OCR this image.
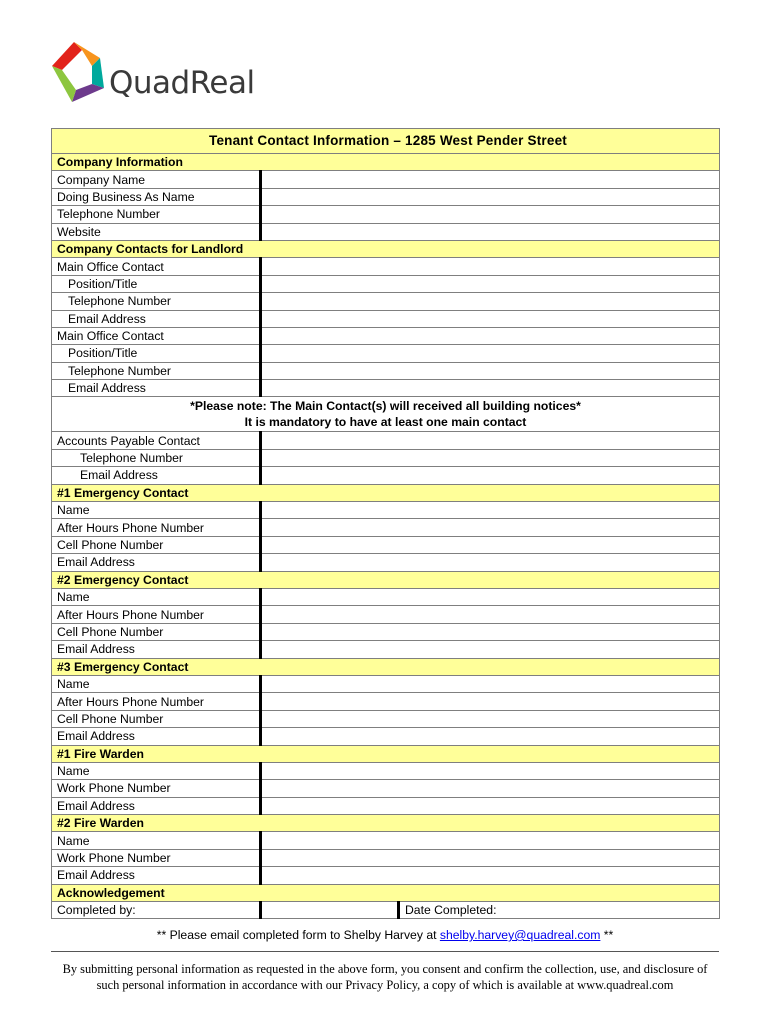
QuadReal
Tenant Contact Information – 1285 West Pender Street		
Company Information		
Company Name		
Doing Business As Name		
Telephone Number		
Website		
Company Contacts for Landlord		
Main Office Contact		
Position/Title		
Telephone Number		
Email Address		
Main Office Contact		
Position/Title		
Telephone Number		
Email Address		

*Please note: The Main Contact(s) will received all building notices*
It is mandatory to have at least one main contact		

Accounts Payable Contact		
Telephone Number		
Email Address		
#1 Emergency Contact		
Name		
After Hours Phone Number		
Cell Phone Number		
Email Address		
#2 Emergency Contact		
Name		
After Hours Phone Number		
Cell Phone Number		
Email Address		
#3 Emergency Contact		
Name		
After Hours Phone Number		
Cell Phone Number		
Email Address		
#1 Fire Warden		
Name		
Work Phone Number		
Email Address		
#2 Fire Warden		
Name		
Work Phone Number		
Email Address		
Acknowledgement		
Completed by:		Date Completed:
** Please email completed form to Shelby Harvey at shelby.harvey@quadreal.com **
By submitting personal information as requested in the above form, you consent and confirm the collection, use, and disclosure of
such personal information in accordance with our Privacy Policy, a copy of which is available at www.quadreal.com
